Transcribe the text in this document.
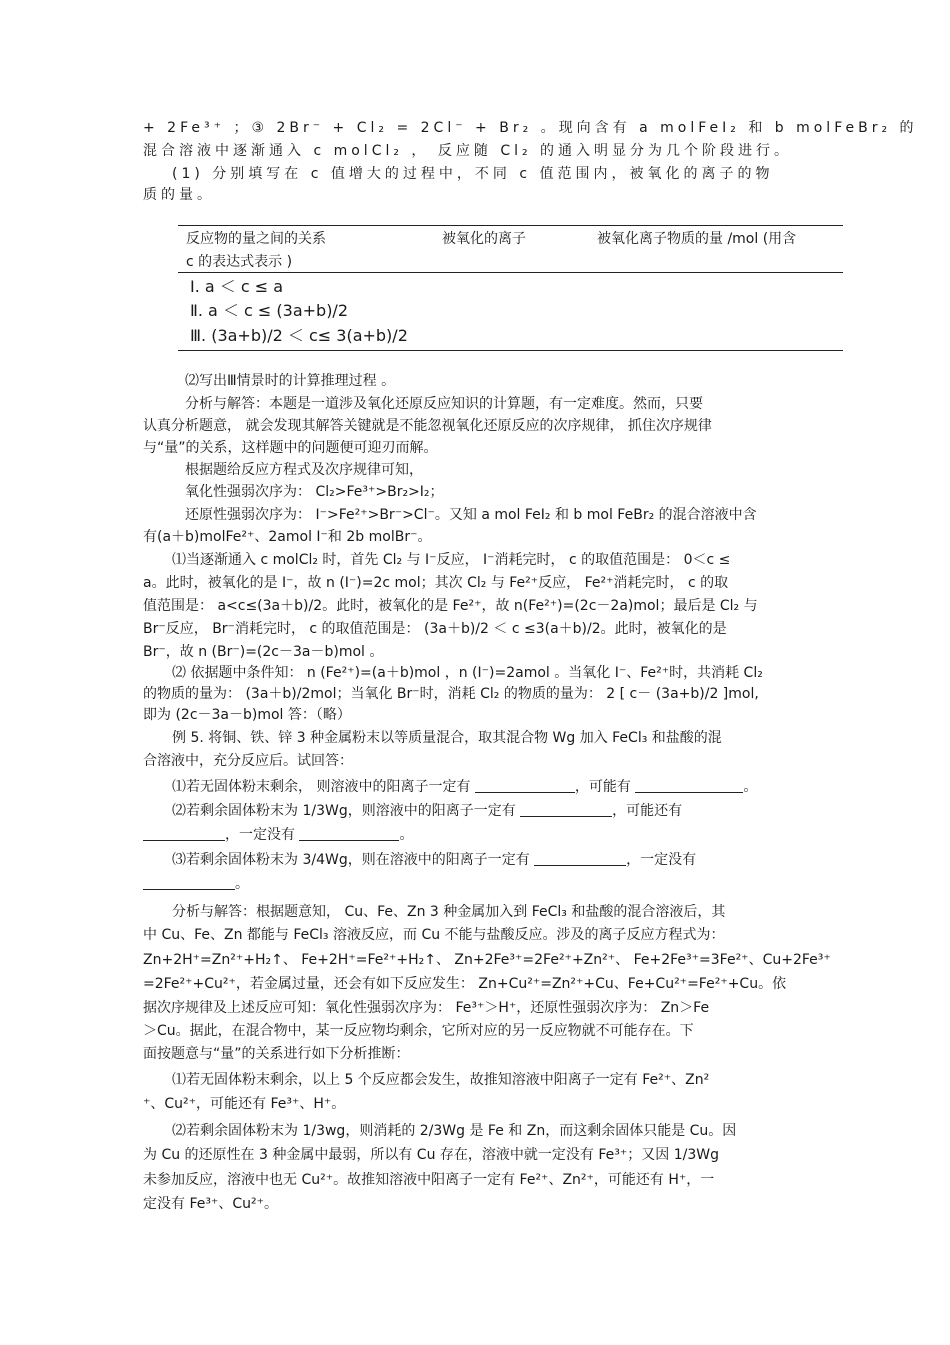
+ 2Fe³⁺ ；③ 2Br⁻ + Cl₂ = 2Cl⁻ + Br₂ 。现向含有 a molFeI₂ 和 b molFeBr₂ 的
混合溶液中逐渐通入 c molCl₂ ， 反应随 Cl₂ 的通入明显分为几个阶段进行。
(1) 分别填写在 c 值增大的过程中，不同 c 值范围内，被氧化的离子的物
质的量。
反应物的量之间的关系	被氧化的离子	被氧化离子物质的量 /mol (用含
c 的表达式表示 )
Ⅰ. a ＜ c ≤ a
Ⅱ. a ＜ c ≤ (3a+b)/2
Ⅲ. (3a+b)/2 ＜ c≤ 3(a+b)/2
⑵写出Ⅲ情景时的计算推理过程 。
分析与解答：本题是一道涉及氧化还原反应知识的计算题，有一定难度。然而，只要
认真分析题意， 就会发现其解答关键就是不能忽视氧化还原反应的次序规律， 抓住次序规律
与“量”的关系，这样题中的问题便可迎刃而解。
根据题给反应方程式及次序规律可知，
氧化性强弱次序为： Cl₂>Fe³⁺>Br₂>I₂；
还原性强弱次序为： I⁻>Fe²⁺>Br⁻>Cl⁻。又知 a mol FeI₂ 和 b mol FeBr₂ 的混合溶液中含
有(a＋b)molFe²⁺、2amol I⁻和 2b molBr⁻。
⑴当逐渐通入 c molCl₂ 时，首先 Cl₂ 与 I⁻反应， I⁻消耗完时， c 的取值范围是： 0＜c ≤
a。此时，被氧化的是 I⁻，故 n (I⁻)=2c mol；其次 Cl₂ 与 Fe²⁺反应， Fe²⁺消耗完时， c 的取
值范围是： a<c≤(3a＋b)/2。此时，被氧化的是 Fe²⁺，故 n(Fe²⁺)=(2c－2a)mol；最后是 Cl₂ 与
Br⁻反应， Br⁻消耗完时， c 的取值范围是： (3a＋b)/2 ＜ c ≤3(a＋b)/2。此时，被氧化的是
Br⁻，故 n (Br⁻)=(2c－3a－b)mol 。
⑵ 依据题中条件知： n (Fe²⁺)=(a＋b)mol ，n (I⁻)=2amol 。当氧化 I⁻、Fe²⁺时，共消耗 Cl₂
的物质的量为： (3a＋b)/2mol；当氧化 Br⁻时，消耗 Cl₂ 的物质的量为： 2 [ c－ (3a+b)/2 ]mol,
即为 (2c－3a－b)mol 答：（略）
例 5. 将铜、铁、锌 3 种金属粉末以等质量混合，取其混合物 Wg 加入 FeCl₃ 和盐酸的混
合溶液中，充分反应后。试回答：
⑴若无固体粉末剩余， 则溶液中的阳离子一定有	，可能有	。
⑵若剩余固体粉末为 1/3Wg，则溶液中的阳离子一定有	，可能还有
，一定没有	。
⑶若剩余固体粉末为 3/4Wg，则在溶液中的阳离子一定有	，一定没有
。
分析与解答：根据题意知， Cu、Fe、Zn 3 种金属加入到 FeCl₃ 和盐酸的混合溶液后，其
中 Cu、Fe、Zn 都能与 FeCl₃ 溶液反应，而 Cu 不能与盐酸反应。涉及的离子反应方程式为：
Zn+2H⁺=Zn²⁺+H₂↑、 Fe+2H⁺=Fe²⁺+H₂↑、 Zn+2Fe³⁺=2Fe²⁺+Zn²⁺、 Fe+2Fe³⁺=3Fe²⁺、Cu+2Fe³⁺
=2Fe²⁺+Cu²⁺，若金属过量，还会有如下反应发生： Zn+Cu²⁺=Zn²⁺+Cu、Fe+Cu²⁺=Fe²⁺+Cu。依
据次序规律及上述反应可知：氧化性强弱次序为： Fe³⁺＞H⁺，还原性强弱次序为： Zn＞Fe
＞Cu。据此，在混合物中，某一反应物均剩余，它所对应的另一反应物就不可能存在。下
面按题意与“量”的关系进行如下分析推断：
⑴若无固体粉末剩余，以上 5 个反应都会发生，故推知溶液中阳离子一定有 Fe²⁺、Zn²
⁺、Cu²⁺，可能还有 Fe³⁺、H⁺。
⑵若剩余固体粉末为 1/3wg，则消耗的 2/3Wg 是 Fe 和 Zn，而这剩余固体只能是 Cu。因
为 Cu 的还原性在 3 种金属中最弱，所以有 Cu 存在，溶液中就一定没有 Fe³⁺；又因 1/3Wg
未参加反应，溶液中也无 Cu²⁺。故推知溶液中阳离子一定有 Fe²⁺、Zn²⁺，可能还有 H⁺，一
定没有 Fe³⁺、Cu²⁺。
